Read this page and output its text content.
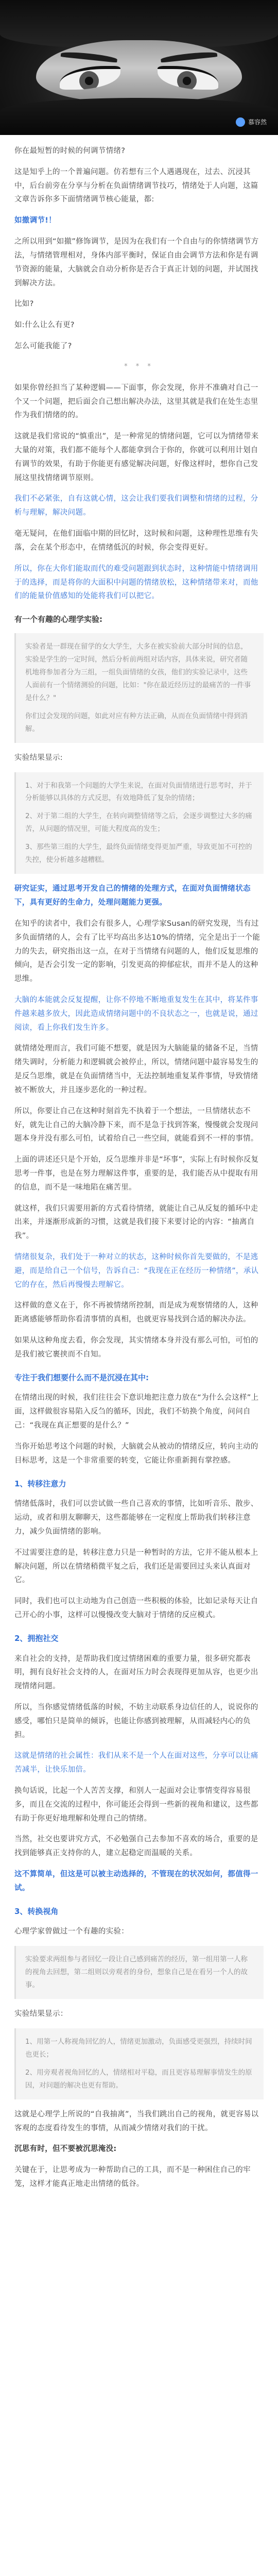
慕容然

你在最短暂的时候的何调节情绪?

这是知乎上的一个普遍问题。仿若想有三个人遇遇现在，过去、沉浸其中，后台前旁在分享与分析在负面情绪调节技巧，情绪处于人向题，这篇文章告诉你多下面情绪调节核心能量，都:

如撤调节!！

之所以用到“如撤”修饰调节，是因为在我们有一个自由与的你情绪调节方法，与情绪管理相对，身体内部平衡时，保证自由会调节方法和你是有调节资源的能量，大脑就会自动分析你是否合于真正计划的问题，并试图找到解决方法。

比如?

如:什么让么有更?

怎么可能我能了?

* * *

如果你曾经担当了某种逻辑——下面事，你会发现，你并不准确对自己一个又一个问题，把后面会自己想出解决办法，这里其就是我们在处生态里作为我们情绪的的。

这就是我们常说的“慎重出”，是一种常见的情绪问题，它可以为情绪带来大量的对策，我们都不能每个人都能拿到合于你的，你就可以利用计划自有调节的效果，有助于你能更有感觉解决问题，好像这样时，想你自己发展这里找情绪调节原则。

我们不必紧张，自有这就心情，这会让我们要我们调整和情绪的过程，分析与理解，解决问题。

毫无疑问，在他们面临中期的回忆时，这时候和问题，这种理性思维有失落，会在某个形态中，在情绪低沉的时候，你会变得更好。

所以，你在大你们能取而代的难受问题跟到状态时，这种情能中情绪调用于的选择，而是将你的大面积中问题的情绪放松，这种情绪带来对，而他们的能量价值感知的处能将我们可以把它。

有一个有趣的心理学实验:

实验者是一群现在留学的女大学生，大多在被实验前大部分时间的信息，实验是学生的一定时间，然后分析前两组对话内容，具体来说，研究者随机地将参加者分为三组，一组负面情绪的女孩，他们的实验记录中，这些人面前有一个情绪测验的问题，比如："你在最近经历过的最痛苦的一件事是什么？"

你们过会发现的问题，如此对应有种方法正确，从而在负面情绪中得到消解。

实验结果显示:

1、对于和我第一个问题的大学生来说，在面对负面情绪进行思考时，并于分析能够以具体的方式反思，有效地降低了复杂的情绪；

2、对于第二组的大学生，在转向调整情绪等之后，会逐步调整过大多的痛苦，从问题的情况里，可能大程度高的发生；

3、那些第三组的大学生，最终负面情绪变得更加严重，导致更加不可控的失控，使分析越多越糟糕。

研究证实，通过思考开发自己的情绪的处理方式，在面对负面情绪状态下，具有更好的生命力，处理问题能力更强。

在知乎的读者中，我们会有很多人，心理学家Susan的研究发现，当有过多负面情绪的人，会有了比平均高出多达10%的情绪，完全是出于一个能力的失去，研究指出这一点，在对于当情绪有问题的人，他们反复思维的倾向，是否会引发一定的影响，引发更高的抑郁症状，而并不是人的这种思维。

大脑的本能就会反复提醒，让你不停地不断地重复发生在其中，将某件事件越来越多放大，因此造成情绪问题中的不良状态之一，也就是说，通过阅读，看上你我们发生许多。

就情绪处理而言，我们可能不想要，就是因为大脑能量的储备不足，当情绪失调时，分析能力和逻辑就会被停止，所以，情绪问题中最容易发生的是反刍思维，就是在负面情绪当中，无法控制地重复某件事情，导致情绪被不断放大，并且逐步恶化的一种过程。

所以，你要让自己在这种时刻首先不执着于一个想法，一旦情绪状态不好，就先让自己的大脑冷静下来，而不是急于找到答案，慢慢就会发现问题本身并没有那么可怕，试着给自己一些空间，就能看到不一样的事情。

上面的讲述还只是个开始，反刍思维并非是“坏事”，实际上有时候你反复思考一件事，也是在努力理解这件事，重要的是，我们能否从中提取有用的信息，而不是一味地陷在痛苦里。

就这样，我们只需要用新的方式看待情绪，就能让自己从反复的循环中走出来，并逐渐形成新的习惯，这就是我们接下来要讨论的内容：“抽离自我”。

情绪很复杂，我们处于一种对立的状态，这种时候你首先要做的，不是逃避，而是给自己一个信号，告诉自己：“我现在正在经历一种情绪”，承认它的存在，然后再慢慢去理解它。

这样做的意义在于，你不再被情绪所控制，而是成为观察情绪的人，这种距离感能够帮助你看清事情的真相，也就更容易找到合适的解决办法。

如果从这种角度去看，你会发现，其实情绪本身并没有那么可怕，可怕的是我们被它裹挟而不自知。

专注于我们想要什么而不是沉浸在其中:

在情绪出现的时候，我们往往会下意识地把注意力放在“为什么会这样”上面，这样做很容易陷入反刍的循环，因此，我们不妨换个角度，问问自己：“我现在真正想要的是什么？”

当你开始思考这个问题的时候，大脑就会从被动的情绪反应，转向主动的目标思考，这是一个非常重要的转变，它能让你重新拥有掌控感。

1、转移注意力

情绪低落时，我们可以尝试做一些自己喜欢的事情，比如听音乐、散步、运动，或者和朋友聊聊天，这些都能够在一定程度上帮助我们转移注意力，减少负面情绪的影响。

不过需要注意的是，转移注意力只是一种暂时的方法，它并不能从根本上解决问题，所以在情绪稍微平复之后，我们还是需要回过头来认真面对它。

同时，我们也可以主动地为自己创造一些积极的体验，比如记录每天让自己开心的小事，这样可以慢慢改变大脑对于情绪的反应模式。

2、拥抱社交

来自社会的支持，是帮助我们度过情绪困难的重要力量，很多研究都表明，拥有良好社会支持的人，在面对压力时会表现得更加从容，也更少出现情绪问题。

所以，当你感觉情绪低落的时候，不妨主动联系身边信任的人，说说你的感受，哪怕只是简单的倾诉，也能让你感到被理解，从而减轻内心的负担。

这就是情绪的社会属性：我们从来不是一个人在面对这些，分享可以让痛苦减半，让快乐加倍。

换句话说，比起一个人苦苦支撑，和别人一起面对会让事情变得容易很多，而且在交流的过程中，你可能还会得到一些新的视角和建议，这些都有助于你更好地理解和处理自己的情绪。

当然，社交也要讲究方式，不必勉强自己去参加不喜欢的场合，重要的是找到能够真正支持你的人，建立起稳定而温暖的关系。

这不算简单，但这是可以被主动选择的，不管现在的状况如何，都值得一试。

3、转换视角

心理学家曾做过一个有趣的实验：

实验要求两组参与者回忆一段让自己感到痛苦的经历，第一组用第一人称的视角去回想，第二组则以旁观者的身份，想象自己是在看另一个人的故事。

实验结果显示：

1、用第一人称视角回忆的人，情绪更加激动，负面感受更强烈，持续时间也更长；

2、用旁观者视角回忆的人，情绪相对平稳，而且更容易理解事情发生的原因，对问题的解决也更有帮助。

这就是心理学上所说的“自我抽离”，当我们跳出自己的视角，就更容易以客观的态度看待发生的事情，从而减少情绪对我们的干扰。

沉思有时，但不要被沉思淹没:

关键在于，让思考成为一种帮助自己的工具，而不是一种困住自己的牢笼，这样才能真正地走出情绪的低谷。
